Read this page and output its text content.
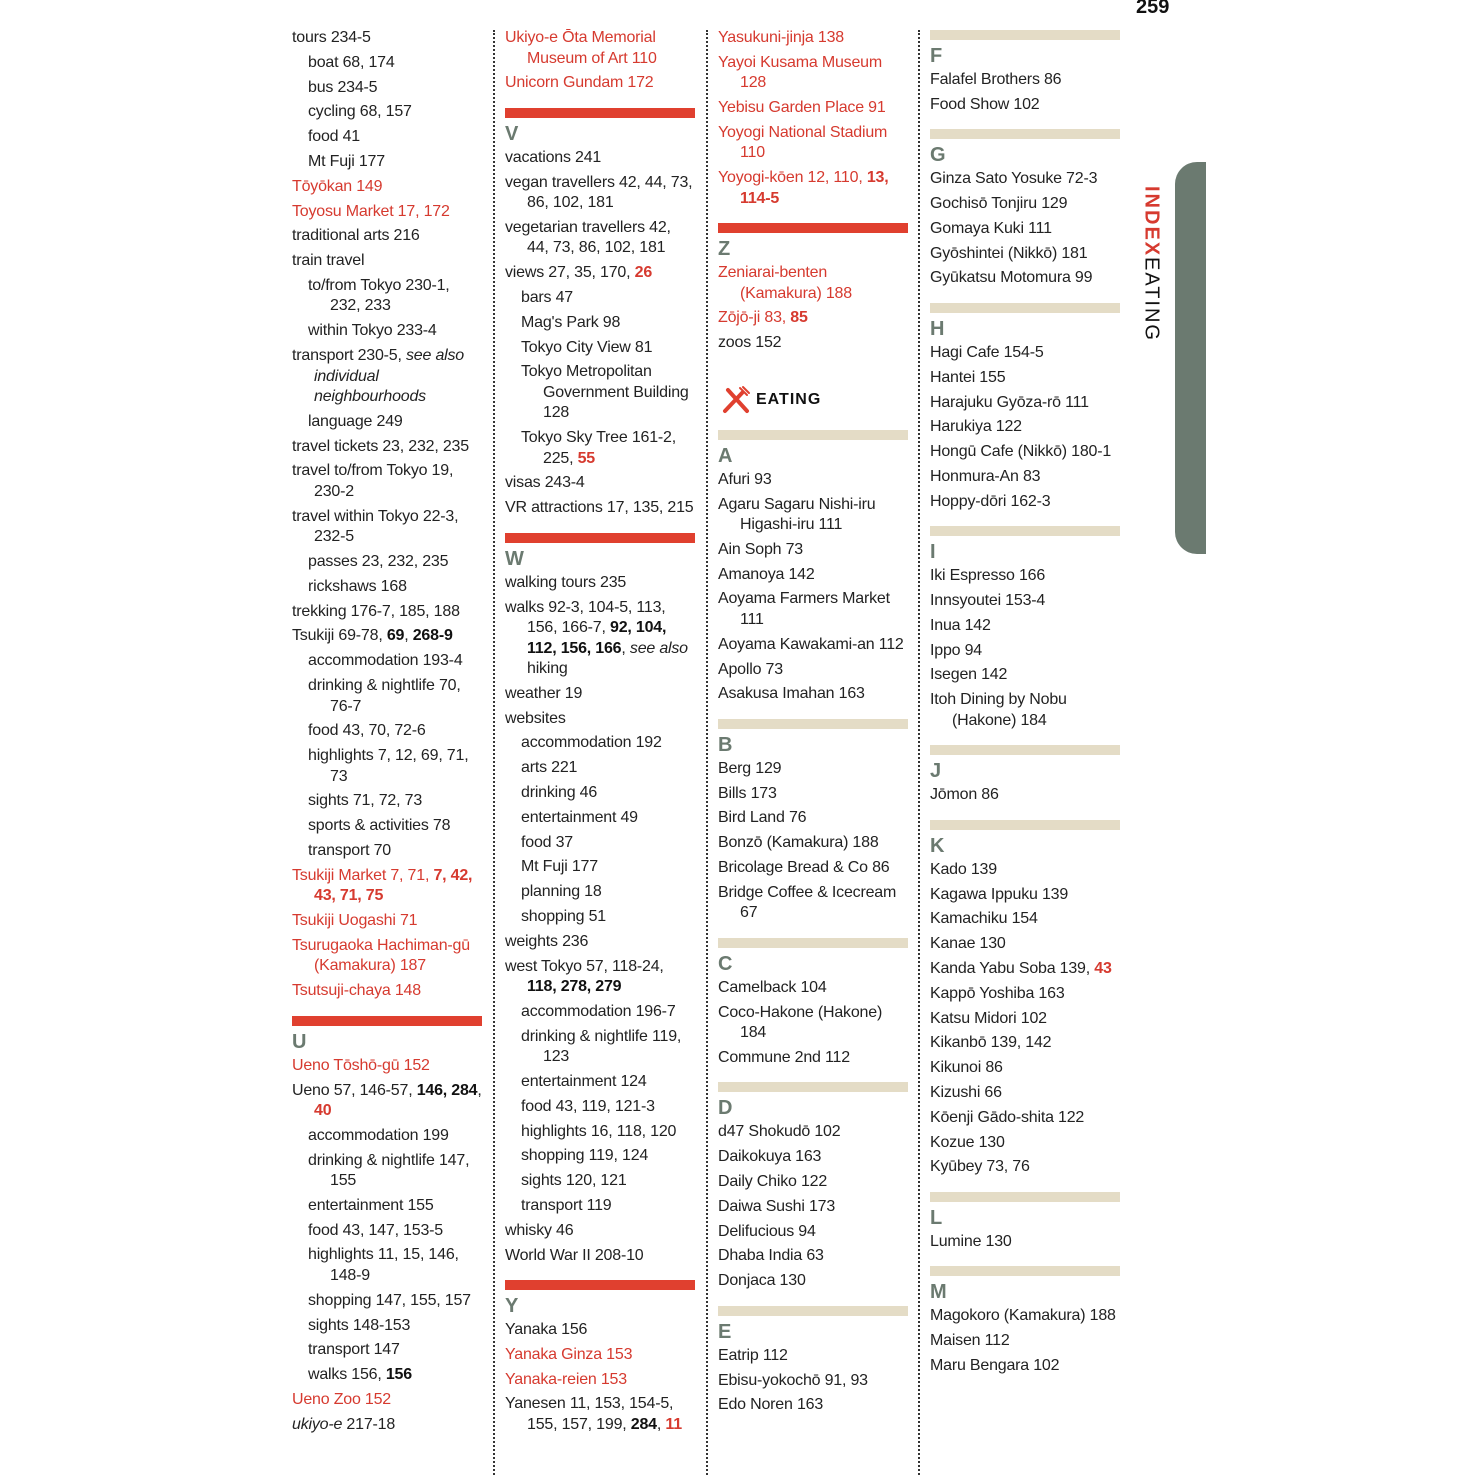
259
INDEX
EATING
tours 234-5
boat 68, 174
bus 234-5
cycling 68, 157
food 41
Mt Fuji 177
Tōyōkan 149
Toyosu Market 17, 172
traditional arts 216
train travel
to/from Tokyo 230-1, 232, 233
within Tokyo 233-4
transport 230-5, see also individual neighbourhoods
language 249
travel tickets 23, 232, 235
travel to/from Tokyo 19, 230-2
travel within Tokyo 22-3, 232-5
passes 23, 232, 235
rickshaws 168
trekking 176-7, 185, 188
Tsukiji 69-78, 69, 268-9
accommodation 193-4
drinking & nightlife 70, 76-7
food 43, 70, 72-6
highlights 7, 12, 69, 71, 73
sights 71, 72, 73
sports & activities 78
transport 70
Tsukiji Market 7, 71, 7, 42, 43, 71, 75
Tsukiji Uogashi 71
Tsurugaoka Hachiman-gū (Kamakura) 187
Tsutsuji-chaya 148
U
Ueno Tōshō-gū 152
Ueno 57, 146-57, 146, 284, 40
accommodation 199
drinking & nightlife 147, 155
entertainment 155
food 43, 147, 153-5
highlights 11, 15, 146, 148-9
shopping 147, 155, 157
sights 148-153
transport 147
walks 156, 156
Ueno Zoo 152
ukiyo-e 217-18
Ukiyo-e Ōta Memorial Museum of Art 110
Unicorn Gundam 172
V
vacations 241
vegan travellers 42, 44, 73, 86, 102, 181
vegetarian travellers 42, 44, 73, 86, 102, 181
views 27, 35, 170, 26
bars 47
Mag's Park 98
Tokyo City View 81
Tokyo Metropolitan Government Building 128
Tokyo Sky Tree 161-2, 225, 55
visas 243-4
VR attractions 17, 135, 215
W
walking tours 235
walks 92-3, 104-5, 113, 156, 166-7, 92, 104, 112, 156, 166, see also hiking
weather 19
websites
accommodation 192
arts 221
drinking 46
entertainment 49
food 37
Mt Fuji 177
planning 18
shopping 51
weights 236
west Tokyo 57, 118-24, 118, 278, 279
accommodation 196-7
drinking & nightlife 119, 123
entertainment 124
food 43, 119, 121-3
highlights 16, 118, 120
shopping 119, 124
sights 120, 121
transport 119
whisky 46
World War II 208-10
Y
Yanaka 156
Yanaka Ginza 153
Yanaka-reien 153
Yanesen 11, 153, 154-5, 155, 157, 199, 284, 11
Yasukuni-jinja 138
Yayoi Kusama Museum 128
Yebisu Garden Place 91
Yoyogi National Stadium 110
Yoyogi-kōen 12, 110, 13, 114-5
Z
Zeniarai-benten (Kamakura) 188
Zōjō-ji 83, 85
zoos 152
EATING
A
Afuri 93
Agaru Sagaru Nishi-iru Higashi-iru 111
Ain Soph 73
Amanoya 142
Aoyama Farmers Market 111
Aoyama Kawakami-an 112
Apollo 73
Asakusa Imahan 163
B
Berg 129
Bills 173
Bird Land 76
Bonzō (Kamakura) 188
Bricolage Bread & Co 86
Bridge Coffee & Icecream 67
C
Camelback 104
Coco-Hakone (Hakone) 184
Commune 2nd 112
D
d47 Shokudō 102
Daikokuya 163
Daily Chiko 122
Daiwa Sushi 173
Delifucious 94
Dhaba India 63
Donjaca 130
E
Eatrip 112
Ebisu-yokochō 91, 93
Edo Noren 163
F
Falafel Brothers 86
Food Show 102
G
Ginza Sato Yosuke 72-3
Gochisō Tonjiru 129
Gomaya Kuki 111
Gyōshintei (Nikkō) 181
Gyūkatsu Motomura 99
H
Hagi Cafe 154-5
Hantei 155
Harajuku Gyōza-rō 111
Harukiya 122
Hongū Cafe (Nikkō) 180-1
Honmura-An 83
Hoppy-dōri 162-3
I
Iki Espresso 166
Innsyoutei 153-4
Inua 142
Ippo 94
Isegen 142
Itoh Dining by Nobu (Hakone) 184
J
Jōmon 86
K
Kado 139
Kagawa Ippuku 139
Kamachiku 154
Kanae 130
Kanda Yabu Soba 139, 43
Kappō Yoshiba 163
Katsu Midori 102
Kikanbō 139, 142
Kikunoi 86
Kizushi 66
Kōenji Gādo-shita 122
Kozue 130
Kyūbey 73, 76
L
Lumine 130
M
Magokoro (Kamakura) 188
Maisen 112
Maru Bengara 102
